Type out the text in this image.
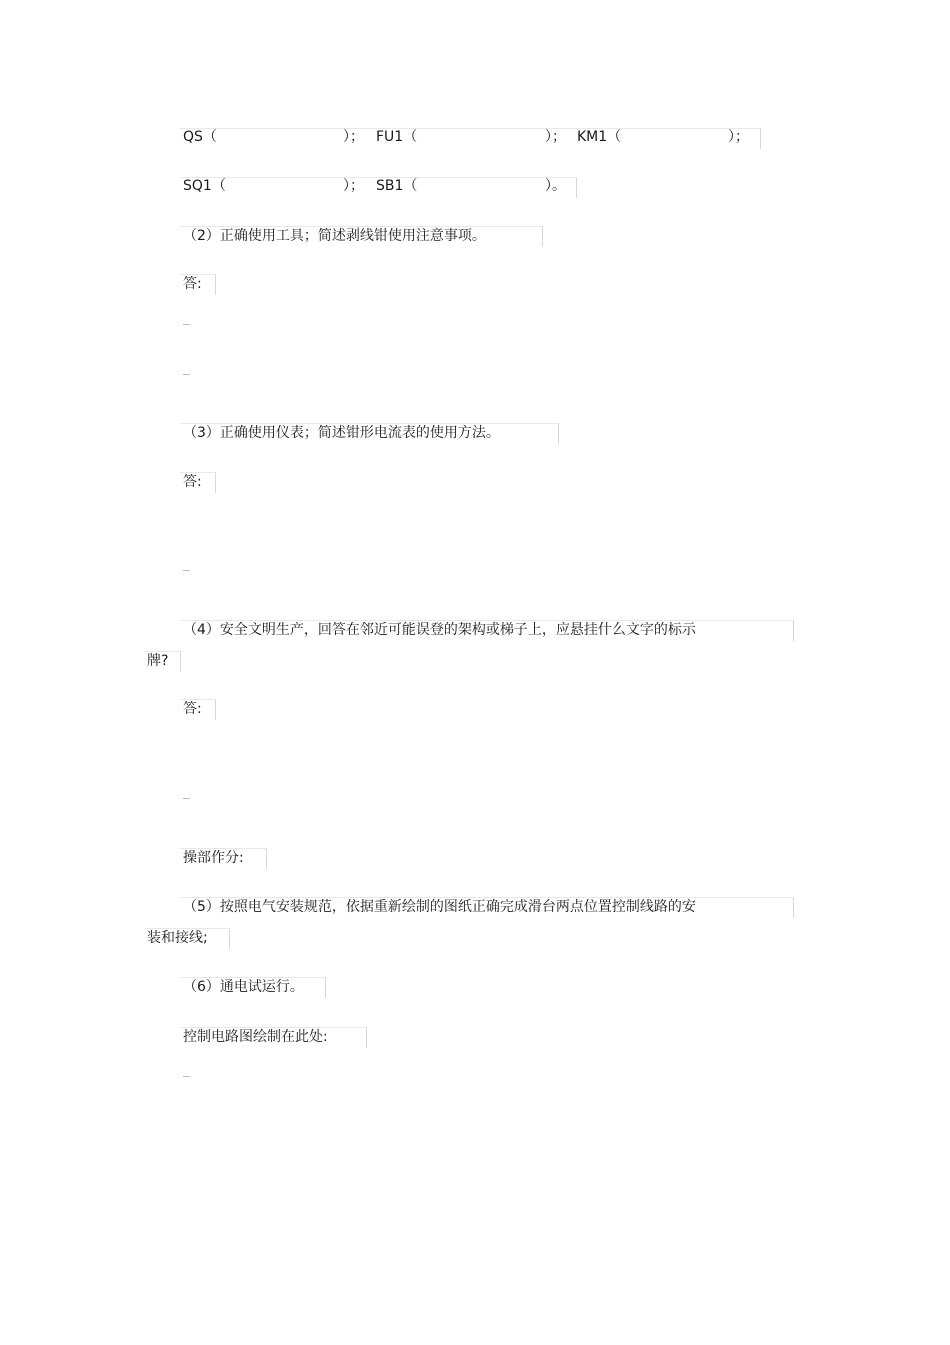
QS（	）； FU1（	）； KM1（	）；
SQ1（	）； SB1（	）。
（2）正确使用工具；简述剥线钳使用注意事项。
答:
（3）正确使用仪表；简述钳形电流表的使用方法。
答:
（4）安全文明生产，回答在邻近可能误登的架构或梯子上，应悬挂什么文字的标示
牌?
答:
操部作分:
（5）按照电气安装规范，依据重新绘制的图纸正确完成滑台两点位置控制线路的安
装和接线;
（6）通电试运行。
控制电路图绘制在此处:
